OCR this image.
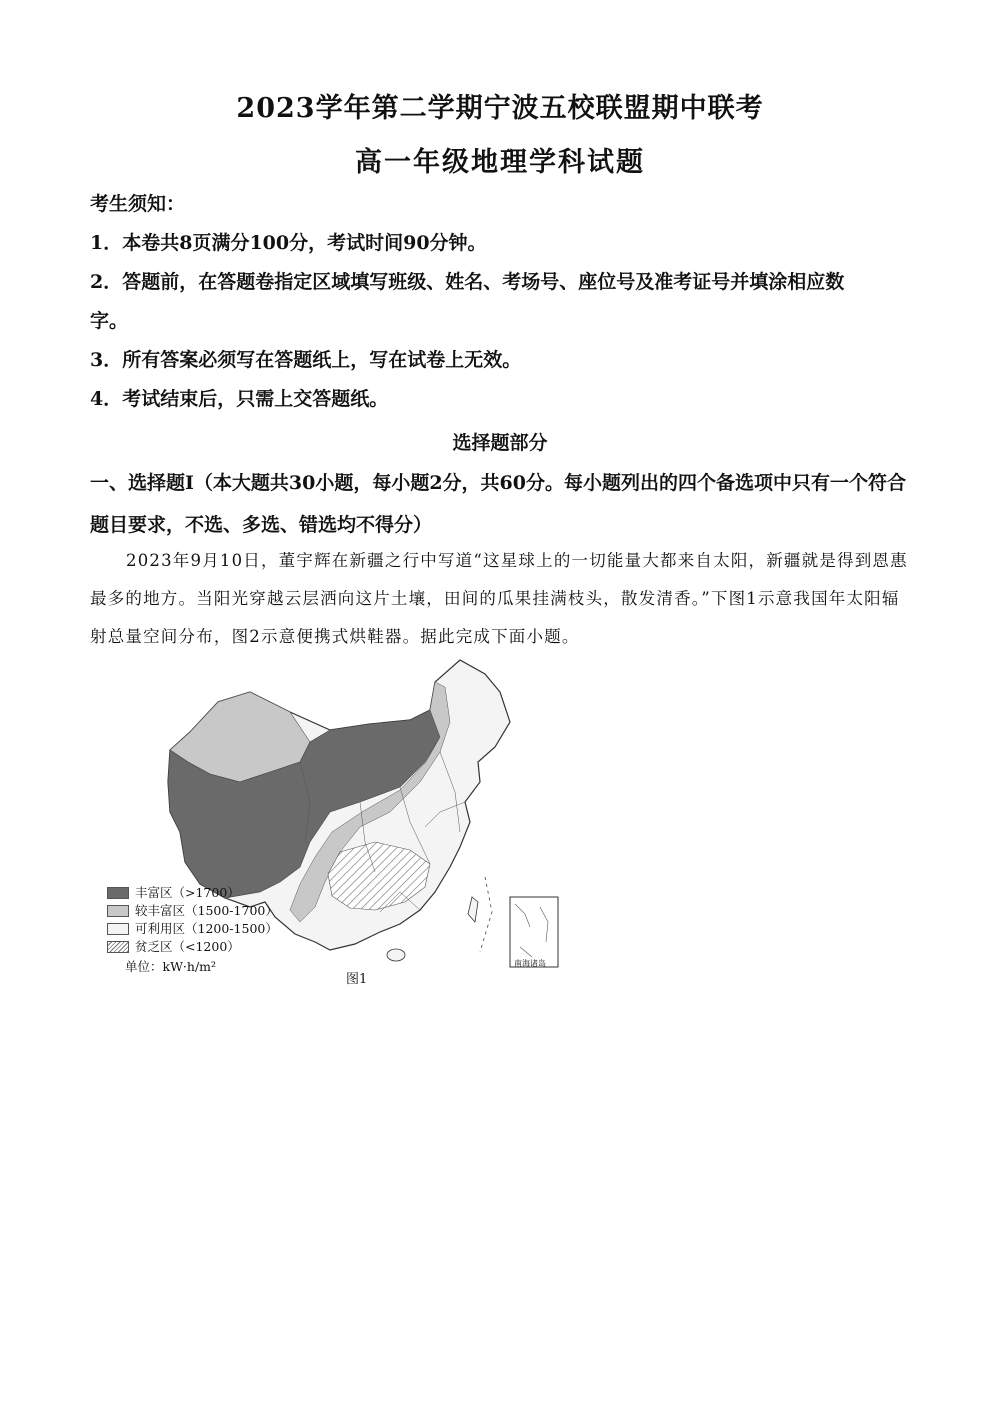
2023学年第二学期宁波五校联盟期中联考
高一年级地理学科试题
考生须知：
1．本卷共8页满分100分，考试时间90分钟。
2．答题前，在答题卷指定区域填写班级、姓名、考场号、座位号及准考证号并填涂相应数
字。
3．所有答案必须写在答题纸上，写在试卷上无效。
4．考试结束后，只需上交答题纸。
选择题部分
一、选择题Ⅰ（本大题共30小题，每小题2分，共60分。每小题列出的四个备选项中只有一个符合题目要求，不选、多选、错选均不得分）
2023年9月10日，董宇辉在新疆之行中写道“这星球上的一切能量大都来自太阳，新疆就是得到恩惠最多的地方。当阳光穿越云层洒向这片土壤，田间的瓜果挂满枝头，散发清香。”下图1示意我国年太阳辐射总量空间分布，图2示意便携式烘鞋器。据此完成下面小题。
丰富区（>1700）
较丰富区（1500-1700）
可利用区（1200-1500）
贫乏区（<1200）
单位：kW·h/m²	南海诸岛
图1
